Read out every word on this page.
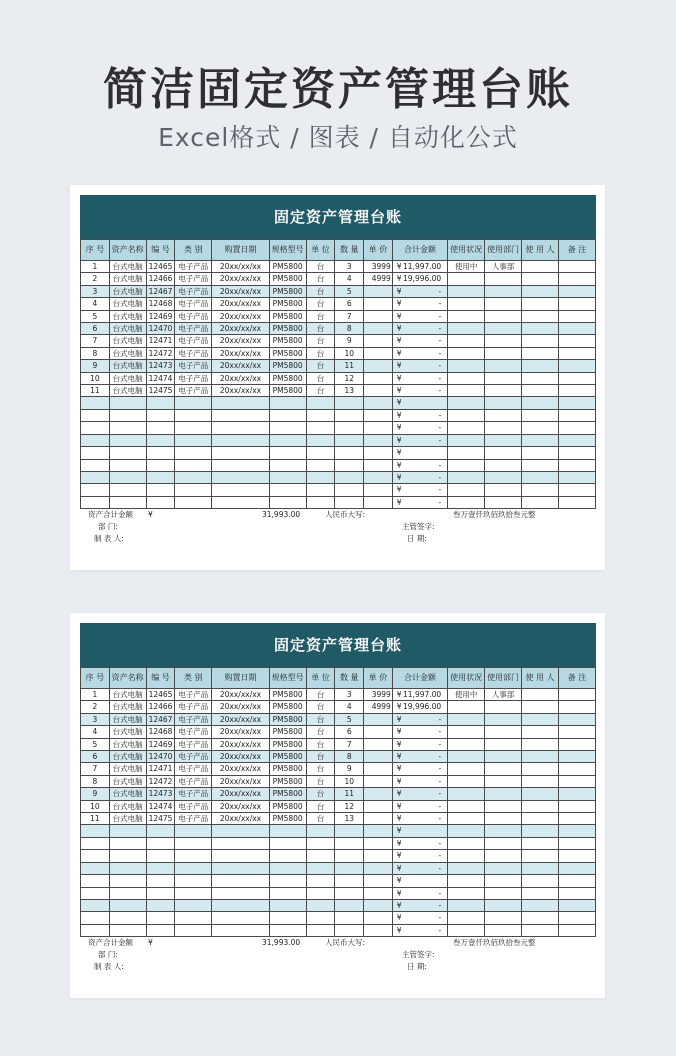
简洁固定资产管理台账
Excel格式 / 图表 / 自动化公式
固定资产管理台账
序 号	资产名称	编 号	类 别	购置日期	规格型号	单 位	数 量	单 价	合计金额	使用状况	使用部门	使 用 人	备 注
1	台式电脑	12465	电子产品	20xx/xx/xx	PM5800	台	3	3999	¥ 11,997.00	使用中	人事部		
2	台式电脑	12466	电子产品	20xx/xx/xx	PM5800	台	4	4999	¥ 19,996.00				

3	台式电脑	12467	电子产品	20xx/xx/xx	PM5800	台	5		¥ -				

4	台式电脑	12468	电子产品	20xx/xx/xx	PM5800	台	6		¥ -				

5	台式电脑	12469	电子产品	20xx/xx/xx	PM5800	台	7		¥ -				

6	台式电脑	12470	电子产品	20xx/xx/xx	PM5800	台	8		¥ -				

7	台式电脑	12471	电子产品	20xx/xx/xx	PM5800	台	9		¥ -				

8	台式电脑	12472	电子产品	20xx/xx/xx	PM5800	台	10		¥ -				

9	台式电脑	12473	电子产品	20xx/xx/xx	PM5800	台	11		¥ -				

10	台式电脑	12474	电子产品	20xx/xx/xx	PM5800	台	12		¥ -				

11	台式电脑	12475	电子产品	20xx/xx/xx	PM5800	台	13		¥ -				

									¥				

									¥ -				

									¥ -				

									¥ -				

									¥				

									¥ -				

									¥ -				

									¥ -				

									¥ -				

资产合计金额 ¥	31,993.00	人民币大写:	叁万壹仟玖佰玖拾叁元整
部 门:	主管签字:
制 表 人:	日 期:
固定资产管理台账
序 号	资产名称	编 号	类 别	购置日期	规格型号	单 位	数 量	单 价	合计金额	使用状况	使用部门	使 用 人	备 注
1	台式电脑	12465	电子产品	20xx/xx/xx	PM5800	台	3	3999	¥ 11,997.00	使用中	人事部		
2	台式电脑	12466	电子产品	20xx/xx/xx	PM5800	台	4	4999	¥ 19,996.00				

3	台式电脑	12467	电子产品	20xx/xx/xx	PM5800	台	5		¥ -				

4	台式电脑	12468	电子产品	20xx/xx/xx	PM5800	台	6		¥ -				

5	台式电脑	12469	电子产品	20xx/xx/xx	PM5800	台	7		¥ -				

6	台式电脑	12470	电子产品	20xx/xx/xx	PM5800	台	8		¥ -				

7	台式电脑	12471	电子产品	20xx/xx/xx	PM5800	台	9		¥ -				

8	台式电脑	12472	电子产品	20xx/xx/xx	PM5800	台	10		¥ -				

9	台式电脑	12473	电子产品	20xx/xx/xx	PM5800	台	11		¥ -				

10	台式电脑	12474	电子产品	20xx/xx/xx	PM5800	台	12		¥ -				

11	台式电脑	12475	电子产品	20xx/xx/xx	PM5800	台	13		¥ -				

									¥				

									¥ -				

									¥ -				

									¥ -				

									¥				

									¥ -				

									¥ -				

									¥ -				

									¥ -				

资产合计金额 ¥	31,993.00	人民币大写:	叁万壹仟玖佰玖拾叁元整
部 门:	主管签字:
制 表 人:	日 期:
